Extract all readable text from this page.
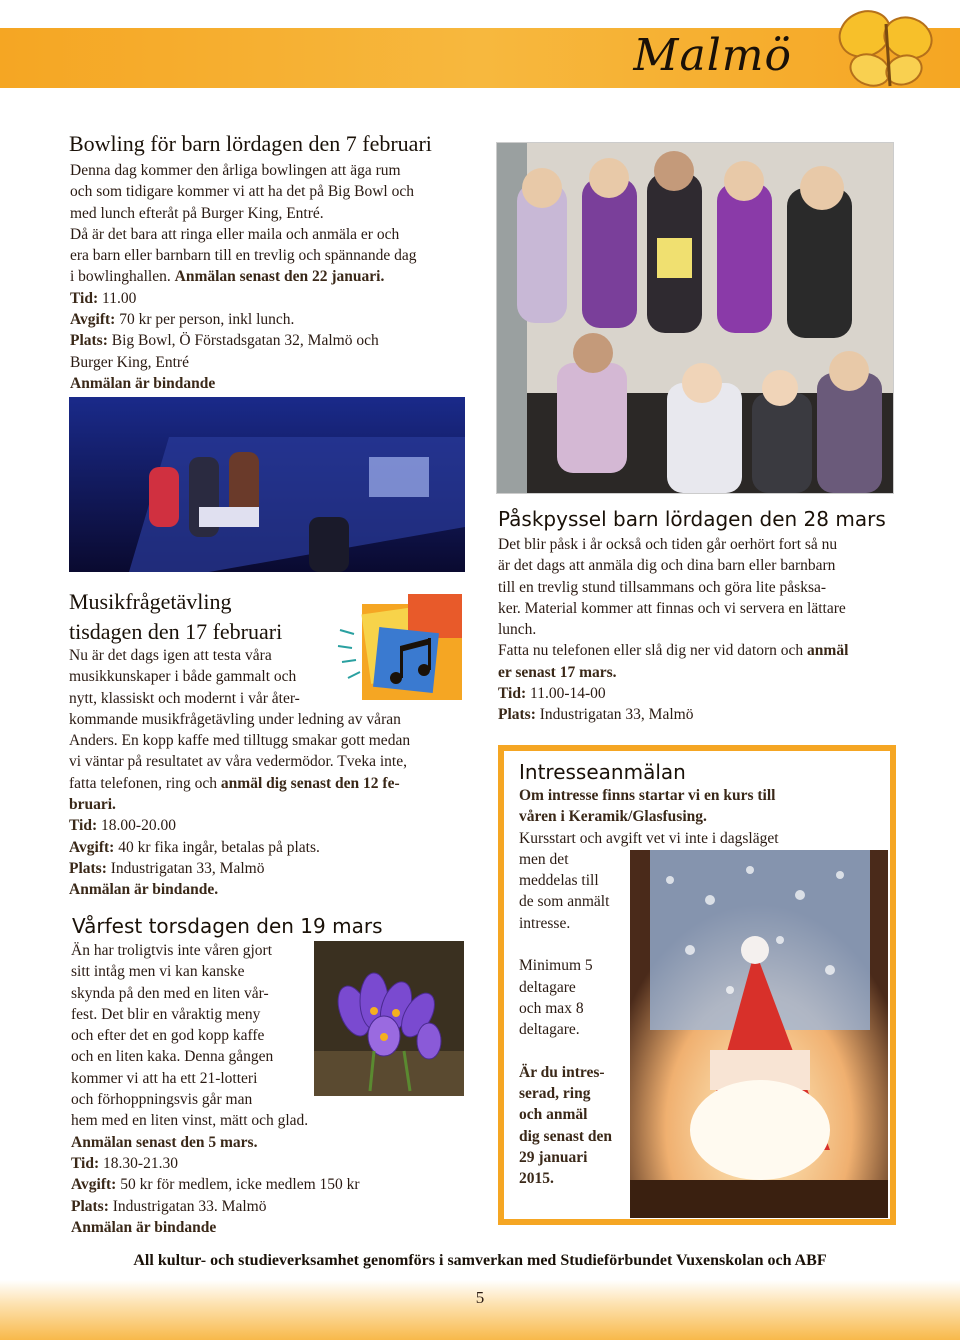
Malmö
Bowling för barn lördagen den 7 februari
Denna dag kommer den årliga bowlingen att äga rum
och som tidigare kommer vi att ha det på Big Bowl och
med lunch efteråt på Burger King, Entré.
Då är det bara att ringa eller maila och anmäla er och
era barn eller barnbarn till en trevlig och spännande dag
i bowlinghallen. Anmälan senast den 22 januari.
Tid: 11.00
Avgift: 70 kr per person, inkl lunch.
Plats: Big Bowl, Ö Förstadsgatan 32, Malmö och
Burger King, Entré
Anmälan är bindande
Musikfrågetävling
tisdagen den 17 februari
Nu är det dags igen att testa våra
musikkunskaper i både gammalt och
nytt, klassiskt och modernt i vår åter-
kommande musikfrågetävling under ledning av våran
Anders. En kopp kaffe med tilltugg smakar gott medan
vi väntar på resultatet av våra vedermödor. Tveka inte,
fatta telefonen, ring och anmäl dig senast den 12 fe-
bruari.
Tid: 18.00-20.00
Avgift: 40 kr fika ingår, betalas på plats.
Plats: Industrigatan 33, Malmö
Anmälan är bindande.
Vårfest torsdagen den 19 mars
Än har troligtvis inte våren gjort
sitt intåg men vi kan kanske
skynda på den med en liten vår-
fest. Det blir en våraktig meny
och efter det en god kopp kaffe
och en liten kaka. Denna gången
kommer vi att ha ett 21-lotteri
och förhoppningsvis går man
hem med en liten vinst, mätt och glad.
Anmälan senast den 5 mars.
Tid: 18.30-21.30
Avgift: 50 kr för medlem, icke medlem 150 kr
Plats: Industrigatan 33. Malmö
Anmälan är bindande
Påskpyssel barn lördagen den 28 mars
Det blir påsk i år också och tiden går oerhört fort så nu
är det dags att anmäla dig och dina barn eller barnbarn
till en trevlig stund tillsammans och göra lite påsksa-
ker. Material kommer att finnas och vi servera en lättare
lunch.
Fatta nu telefonen eller slå dig ner vid datorn och anmäl
er senast 17 mars.
Tid: 11.00-14-00
Plats: Industrigatan 33, Malmö
Intresseanmälan
Om intresse finns startar vi en kurs till
våren i Keramik/Glasfusing.
Kursstart och avgift vet vi inte i dagsläget
men det
meddelas till
de som anmält
intresse.

Minimum 5
deltagare
och max 8
deltagare.

Är du intres-
serad, ring
och anmäl
dig senast den
29 januari
2015.
All kultur- och studieverksamhet genomförs i samverkan med Studieförbundet Vuxenskolan och ABF
5
